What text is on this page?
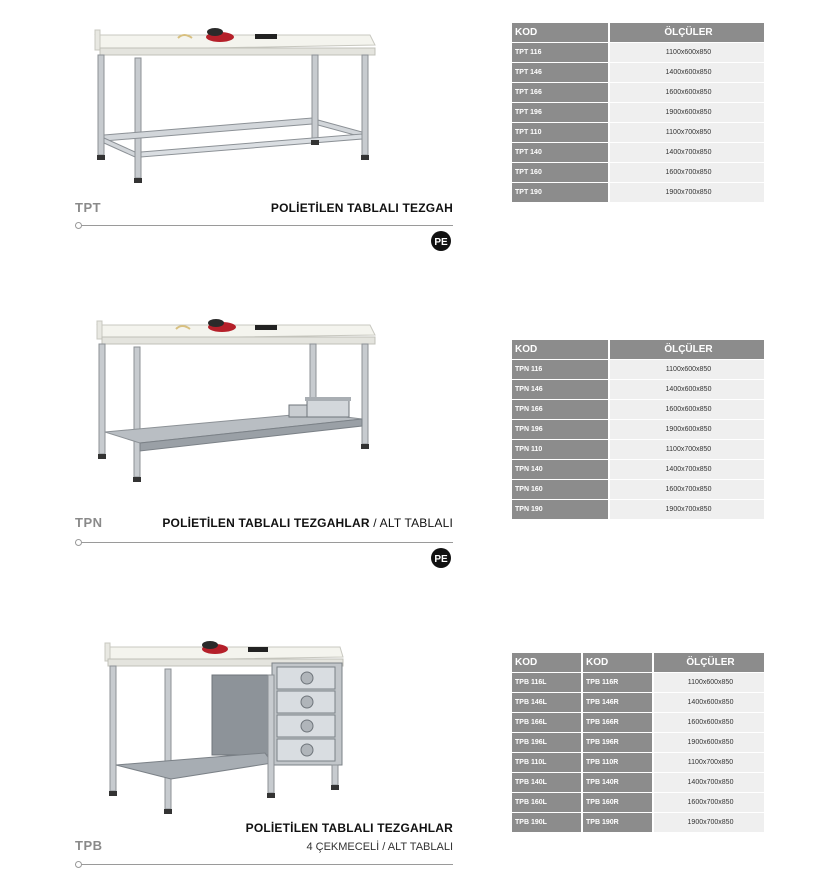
TPT	POLİETİLEN TABLALI TEZGAH
PE
KOD	ÖLÇÜLER
TPT 116	1100x600x850
TPT 146	1400x600x850
TPT 166	1600x600x850
TPT 196	1900x600x850
TPT 110	1100x700x850
TPT 140	1400x700x850
TPT 160	1600x700x850
TPT 190	1900x700x850
TPN	POLİETİLEN TABLALI TEZGAHLAR / ALT TABLALI
PE
KOD	ÖLÇÜLER
TPN 116	1100x600x850
TPN 146	1400x600x850
TPN 166	1600x600x850
TPN 196	1900x600x850
TPN 110	1100x700x850
TPN 140	1400x700x850
TPN 160	1600x700x850
TPN 190	1900x700x850
TPB
POLİETİLEN TABLALI TEZGAHLAR
4 ÇEKMECELİ / ALT TABLALI
KOD	KOD	ÖLÇÜLER
TPB 116L	TPB 116R	1100x600x850
TPB 146L	TPB 146R	1400x600x850
TPB 166L	TPB 166R	1600x600x850
TPB 196L	TPB 196R	1900x600x850
TPB 110L	TPB 110R	1100x700x850
TPB 140L	TPB 140R	1400x700x850
TPB 160L	TPB 160R	1600x700x850
TPB 190L	TPB 190R	1900x700x850
